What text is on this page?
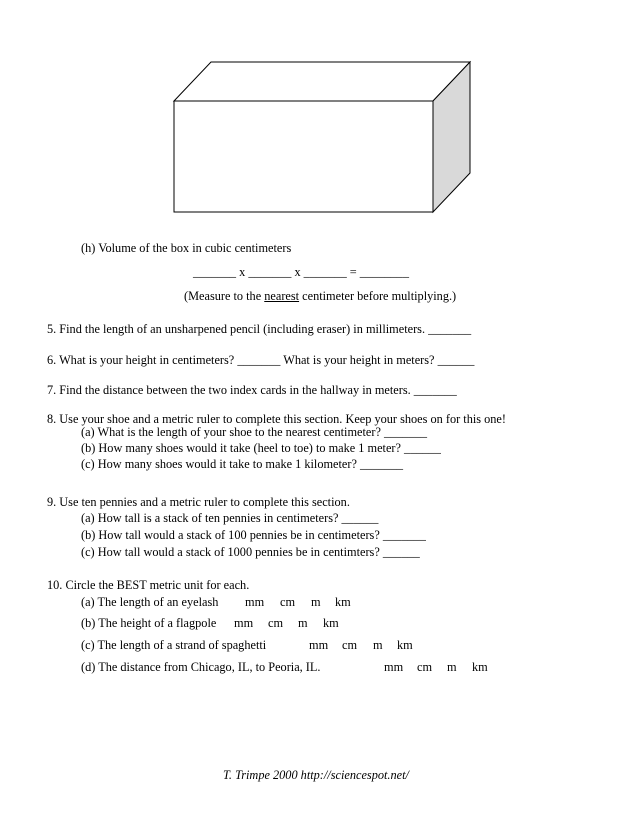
(h) Volume of the box in cubic centimeters
_______ x _______ x _______ = ________
(Measure to the nearest centimeter before multiplying.)
5. Find the length of an unsharpened pencil (including eraser) in millimeters. _______
6. What is your height in centimeters? _______ What is your height in meters? ______
7. Find the distance between the two index cards in the hallway in meters. _______
8. Use your shoe and a metric ruler to complete this section. Keep your shoes on for this one!
(a) What is the length of your shoe to the nearest centimeter? _______
(b) How many shoes would it take (heel to toe) to make 1 meter? ______
(c) How many shoes would it take to make 1 kilometer? _______
9. Use ten pennies and a metric ruler to complete this section.
(a) How tall is a stack of ten pennies in centimeters? ______
(b) How tall would a stack of 100 pennies be in centimeters? _______
(c) How tall would a stack of 1000 pennies be in centimters? ______
10. Circle the BEST metric unit for each.
(a) The length of an eyelash mm cm m km
(b) The height of a flagpole mm cm m km
(c) The length of a strand of spaghetti	mm cm m km
(d) The distance from Chicago, IL, to Peoria, IL.	mm cm m km
T. Trimpe 2000 http://sciencespot.net/
